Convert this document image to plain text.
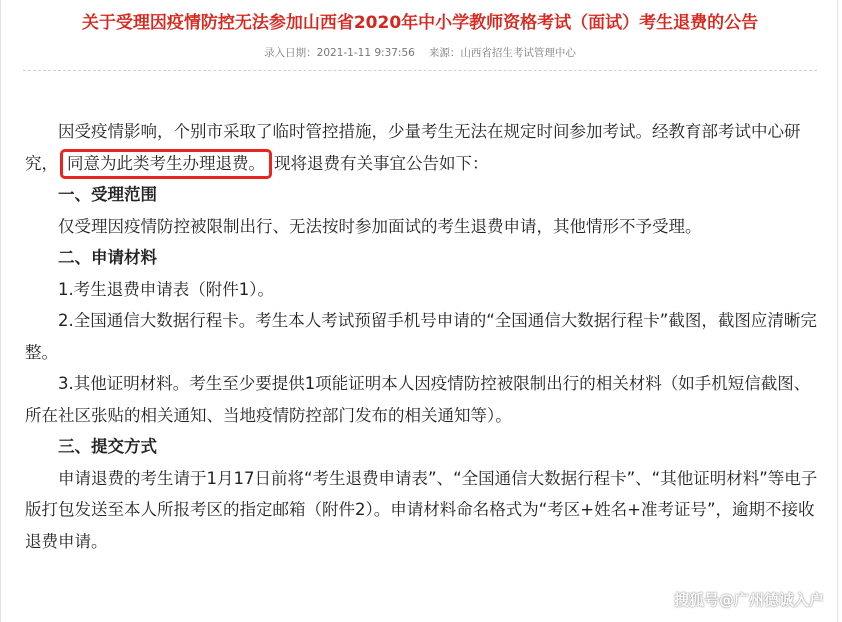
关于受理因疫情防控无法参加山西省2020年中小学教师资格考试（面试）考生退费的公告
录入日期：2021-1-11 9:37:56 来源：山西省招生考试管理中心

因受疫情影响，个别市采取了临时管控措施，少量考生无法在规定时间参加考试。经教育部考试中心研究， 同意为此类考生办理退费。 现将退费有关事宜公告如下：

一、受理范围

仅受理因疫情防控被限制出行、无法按时参加面试的考生退费申请，其他情形不予受理。

二、申请材料

1.考生退费申请表（附件1）。

2.全国通信大数据行程卡。考生本人考试预留手机号申请的“全国通信大数据行程卡”截图，截图应清晰完整。

3.其他证明材料。考生至少要提供1项能证明本人因疫情防控被限制出行的相关材料（如手机短信截图、所在社区张贴的相关通知、当地疫情防控部门发布的相关通知等）。

三、提交方式

申请退费的考生请于1月17日前将“考生退费申请表”、“全国通信大数据行程卡”、“其他证明材料”等电子版打包发送至本人所报考区的指定邮箱（附件2）。申请材料命名格式为“考区+姓名+准考证号”，逾期不接收退费申请。

搜狐号@广州德诚入户
